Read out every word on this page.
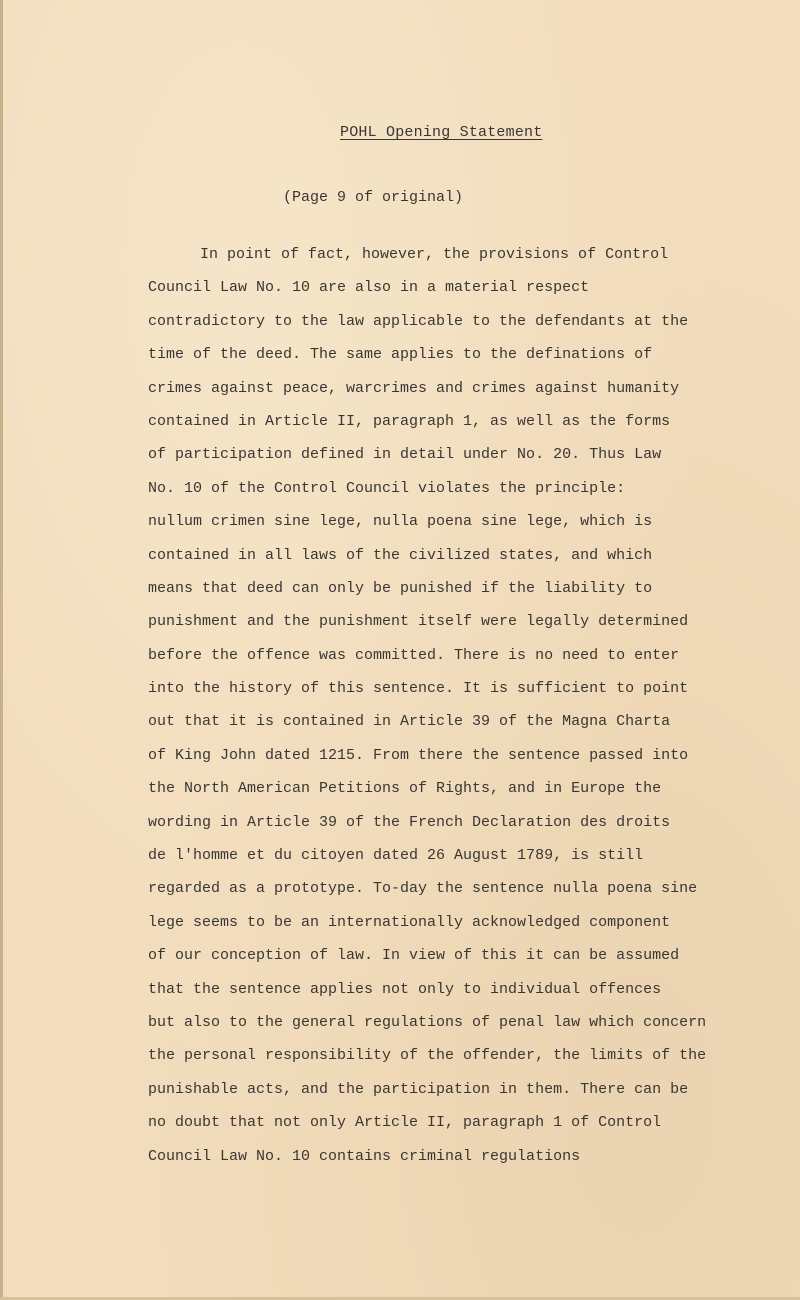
POHL Opening Statement
(Page 9 of original)
In point of fact, however, the provisions of Control
Council Law No. 10 are also in a material respect
contradictory to the law applicable to the defendants at the
time of the deed. The same applies to the definations of
crimes against peace, warcrimes and crimes against humanity
contained in Article II, paragraph 1, as well as the forms
of participation defined in detail under No. 20. Thus Law
No. 10 of the Control Council violates the principle:
nullum crimen sine lege, nulla poena sine lege, which is
contained in all laws of the civilized states, and which
means that deed can only be punished if the liability to
punishment and the punishment itself were legally determined
before the offence was committed. There is no need to enter
into the history of this sentence. It is sufficient to point
out that it is contained in Article 39 of the Magna Charta
of King John dated 1215. From there the sentence passed into
the North American Petitions of Rights, and in Europe the
wording in Article 39 of the French Declaration des droits
de l'homme et du citoyen dated 26 August 1789, is still
regarded as a prototype. To-day the sentence nulla poena sine
lege seems to be an internationally acknowledged component
of our conception of law. In view of this it can be assumed
that the sentence applies not only to individual offences
but also to the general regulations of penal law which concern
the personal responsibility of the offender, the limits of the
punishable acts, and the participation in them. There can be
no doubt that not only Article II, paragraph 1 of Control
Council Law No. 10 contains criminal regulations
